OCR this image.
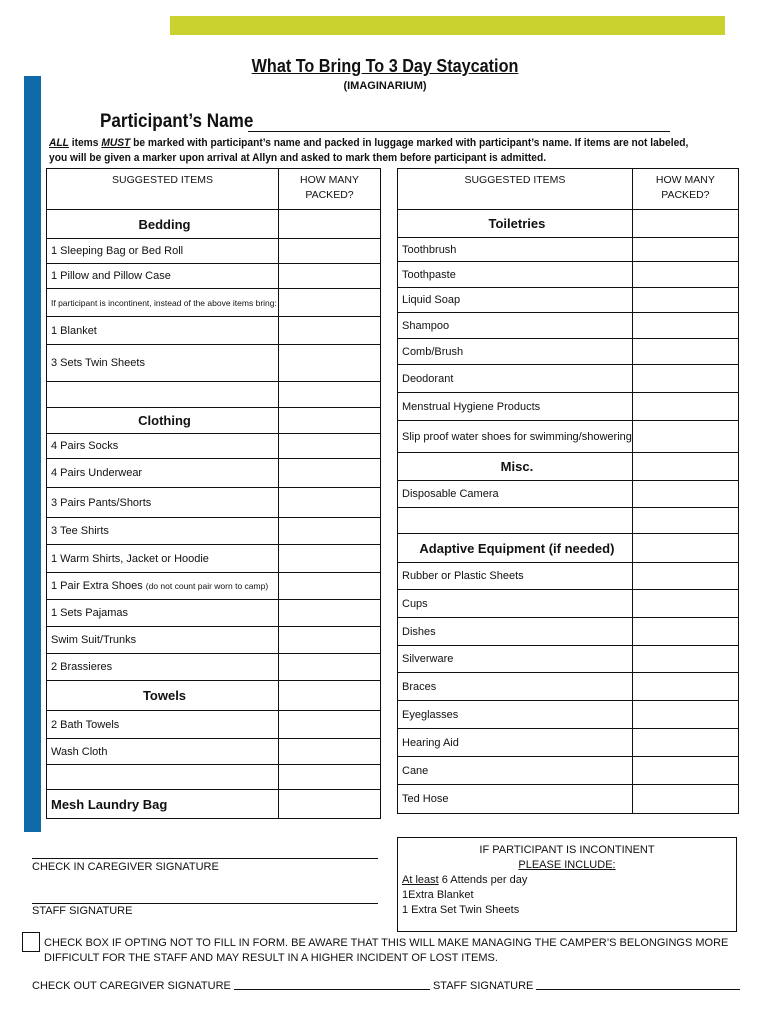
What To Bring To 3 Day Staycation
(IMAGINARIUM)
Participant’s Name
ALL items MUST be marked with participant’s name and packed in luggage marked with participant’s name. If items are not labeled,
you will be given a marker upon arrival at Allyn and asked to mark them before participant is admitted.
SUGGESTED ITEMS	HOW MANY
PACKED?
Bedding	
1 Sleeping Bag or Bed Roll	
1 Pillow and Pillow Case	
If participant is incontinent, instead of the above items bring:	
1 Blanket	
3 Sets Twin Sheets	

Clothing	
4 Pairs Socks	
4 Pairs Underwear	
3 Pairs Pants/Shorts	
3 Tee Shirts	
1 Warm Shirts, Jacket or Hoodie	
1 Pair Extra Shoes (do not count pair worn to camp)	
1 Sets Pajamas	
Swim Suit/Trunks	
2 Brassieres	
Towels	
2 Bath Towels	
Wash Cloth	

Mesh Laundry Bag	
SUGGESTED ITEMS	HOW MANY
PACKED?
Toiletries	
Toothbrush	
Toothpaste	
Liquid Soap	
Shampoo	
Comb/Brush	
Deodorant	
Menstrual Hygiene Products	
Slip proof water shoes for swimming/showering	
Misc.	
Disposable Camera	

Adaptive Equipment (if needed)	
Rubber or Plastic Sheets	
Cups	
Dishes	
Silverware	
Braces	
Eyeglasses	
Hearing Aid	
Cane	
Ted Hose	
IF PARTICIPANT IS INCONTINENT
PLEASE INCLUDE:
At least 6 Attends per day
1Extra Blanket
1 Extra Set Twin Sheets
CHECK IN CAREGIVER SIGNATURE
STAFF SIGNATURE
CHECK BOX IF OPTING NOT TO FILL IN FORM. BE AWARE THAT THIS WILL MAKE MANAGING THE CAMPER’S BELONGINGS MORE
DIFFICULT FOR THE STAFF AND MAY RESULT IN A HIGHER INCIDENT OF LOST ITEMS.
CHECK OUT CAREGIVER SIGNATURE	STAFF SIGNATURE
